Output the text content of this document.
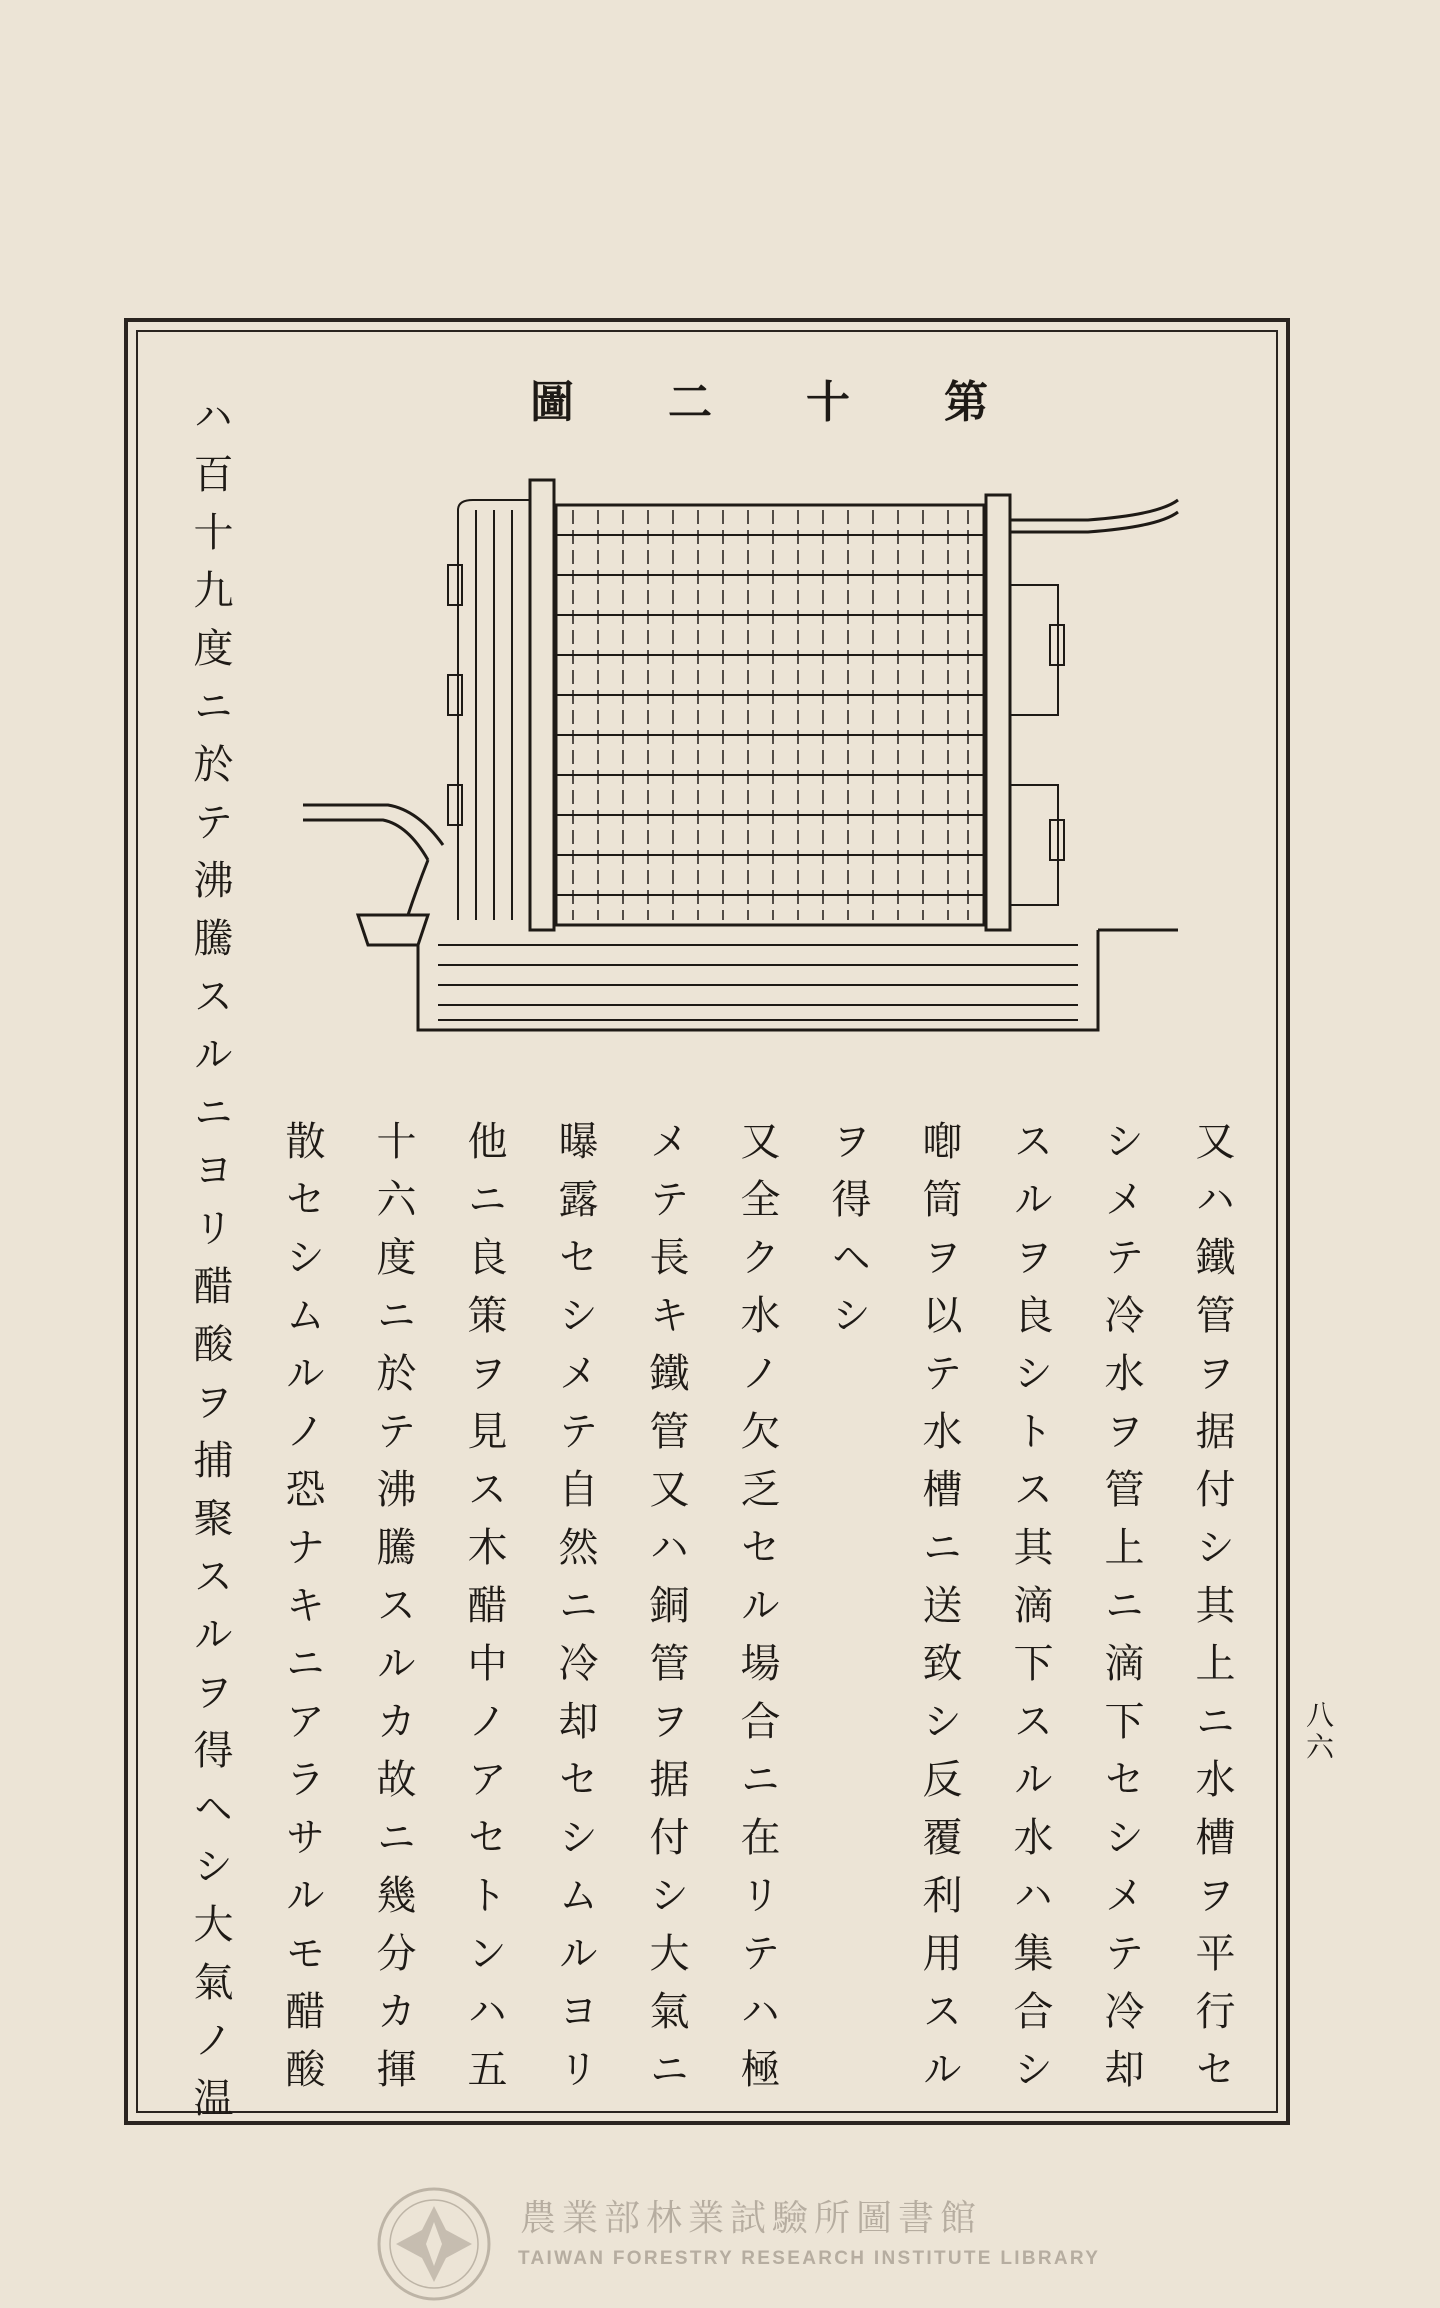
圖 二 十 第
又ハ鐵管ヲ据付シ其上ニ水槽ヲ平行セ
シメテ冷水ヲ管上ニ滴下セシメテ冷却
スルヲ良シトス其滴下スル水ハ集合シ
喞筒ヲ以テ水槽ニ送致シ反覆利用スル
ヲ得ヘシ
又全ク水ノ欠乏セル場合ニ在リテハ極
メテ長キ鐵管又ハ銅管ヲ据付シ大氣ニ
曝露セシメテ自然ニ冷却セシムルヨリ
他ニ良策ヲ見ス木醋中ノアセトンハ五
十六度ニ於テ沸騰スルカ故ニ幾分カ揮
散セシムルノ恐ナキニアラサルモ醋酸
ハ百十九度ニ於テ沸騰スルニヨリ醋酸ヲ捕聚スルヲ得ヘシ大氣ノ温	八六
農業部林業試驗所圖書館
TAIWAN FORESTRY RESEARCH INSTITUTE LIBRARY
